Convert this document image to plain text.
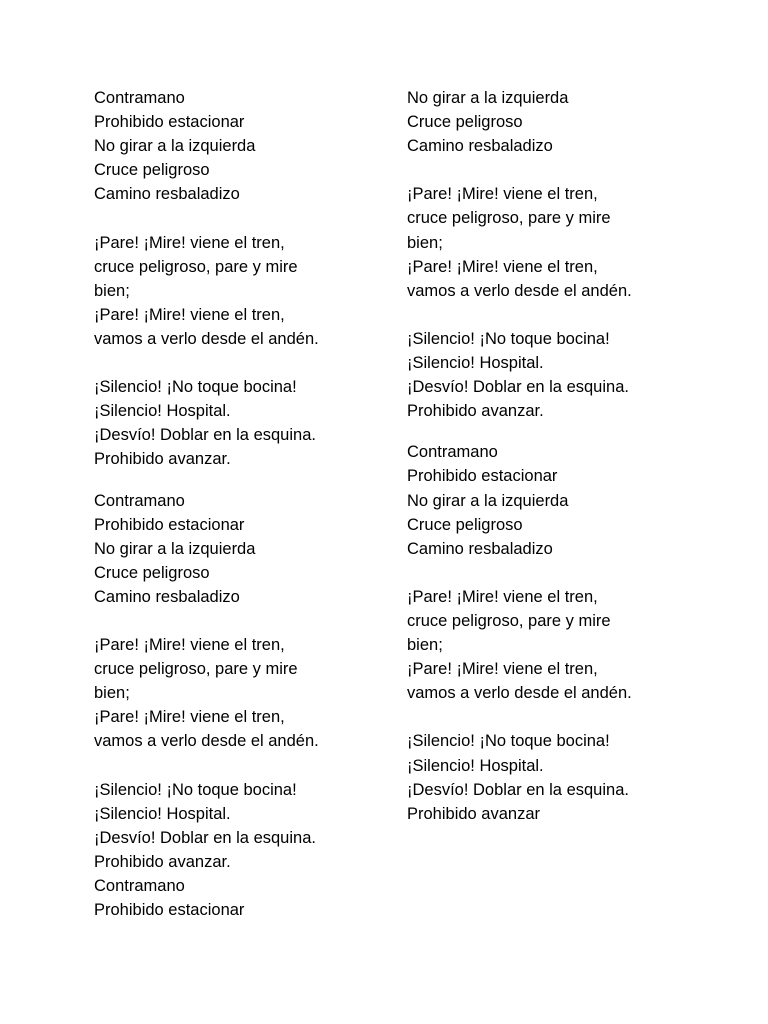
Contramano
Prohibido estacionar
No girar a la izquierda
Cruce peligroso
Camino resbaladizo
¡Pare! ¡Mire! viene el tren,
cruce peligroso, pare y mire
bien;
¡Pare! ¡Mire! viene el tren,
vamos a verlo desde el andén.
¡Silencio! ¡No toque bocina!
¡Silencio! Hospital.
¡Desvío! Doblar en la esquina.
Prohibido avanzar.
Contramano
Prohibido estacionar
No girar a la izquierda
Cruce peligroso
Camino resbaladizo
¡Pare! ¡Mire! viene el tren,
cruce peligroso, pare y mire
bien;
¡Pare! ¡Mire! viene el tren,
vamos a verlo desde el andén.
¡Silencio! ¡No toque bocina!
¡Silencio! Hospital.
¡Desvío! Doblar en la esquina.
Prohibido avanzar.
Contramano
Prohibido estacionar
No girar a la izquierda
Cruce peligroso
Camino resbaladizo
¡Pare! ¡Mire! viene el tren,
cruce peligroso, pare y mire
bien;
¡Pare! ¡Mire! viene el tren,
vamos a verlo desde el andén.
¡Silencio! ¡No toque bocina!
¡Silencio! Hospital.
¡Desvío! Doblar en la esquina.
Prohibido avanzar.
Contramano
Prohibido estacionar
No girar a la izquierda
Cruce peligroso
Camino resbaladizo
¡Pare! ¡Mire! viene el tren,
cruce peligroso, pare y mire
bien;
¡Pare! ¡Mire! viene el tren,
vamos a verlo desde el andén.
¡Silencio! ¡No toque bocina!
¡Silencio! Hospital.
¡Desvío! Doblar en la esquina.
Prohibido avanzar
